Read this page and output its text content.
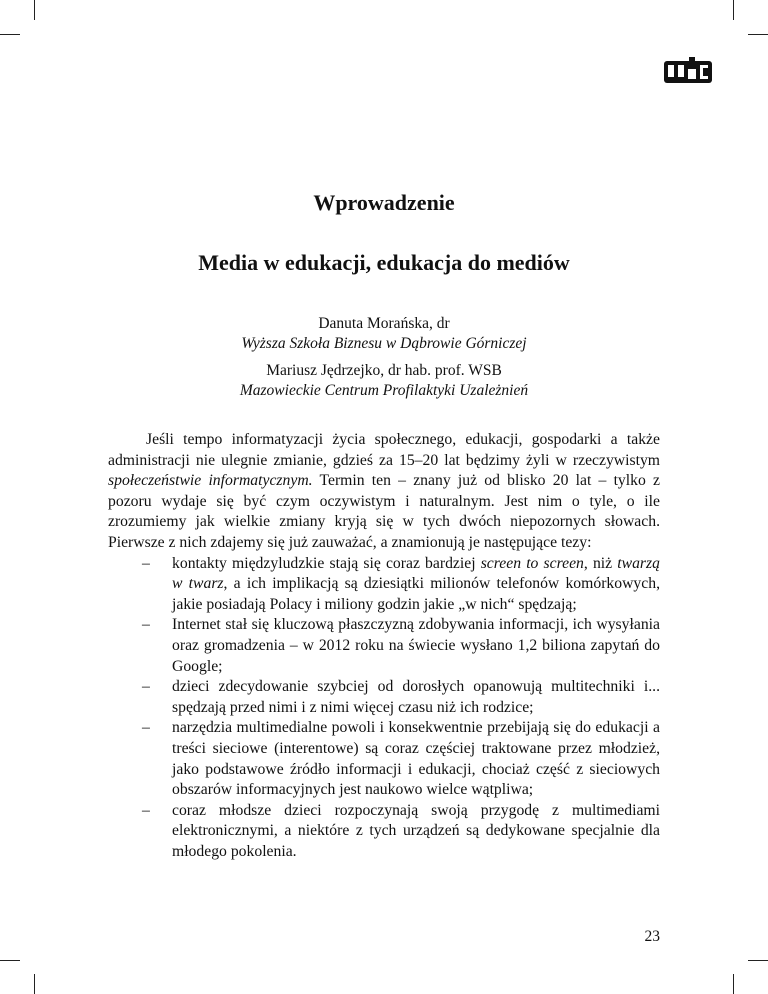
Wprowadzenie
Media w edukacji, edukacja do mediów
Danuta Morańska, dr
Wyższa Szkoła Biznesu w Dąbrowie Górniczej
Mariusz Jędrzejko, dr hab. prof. WSB
Mazowieckie Centrum Profilaktyki Uzależnień

Jeśli tempo informatyzacji życia społecznego, edukacji, gospodarki a także administracji nie ulegnie zmianie, gdzieś za 15–20 lat będzimy żyli w rzeczywistym społeczeństwie informatycznym. Termin ten – znany już od blisko 20 lat – tylko z pozoru wydaje się być czym oczywistym i naturalnym. Jest nim o tyle, o ile zrozumiemy jak wielkie zmiany kryją się w tych dwóch niepozornych słowach. Pierwsze z nich zdajemy się już zauważać, a znamionują je następujące tezy:

– kontakty międzyludzkie stają się coraz bardziej screen to screen, niż twarzą w twarz, a ich implikacją są dziesiątki milionów telefonów komórkowych, jakie posiadają Polacy i miliony godzin jakie „w nich“ spędzają;
– Internet stał się kluczową płaszczyzną zdobywania informacji, ich wysyłania oraz gromadzenia – w 2012 roku na świecie wysłano 1,2 biliona zapytań do Google;
– dzieci zdecydowanie szybciej od dorosłych opanowują multitechniki i... spędzają przed nimi i z nimi więcej czasu niż ich rodzice;
– narzędzia multimedialne powoli i konsekwentnie przebijają się do edukacji a treści sieciowe (interentowe) są coraz częściej traktowane przez młodzież, jako podstawowe źródło informacji i edukacji, chociaż część z sieciowych obszarów informacyjnych jest naukowo wielce wątpliwa;
– coraz młodsze dzieci rozpoczynają swoją przygodę z multimediami elektronicznymi, a niektóre z tych urządzeń są dedykowane specjalnie dla młodego pokolenia.
23
